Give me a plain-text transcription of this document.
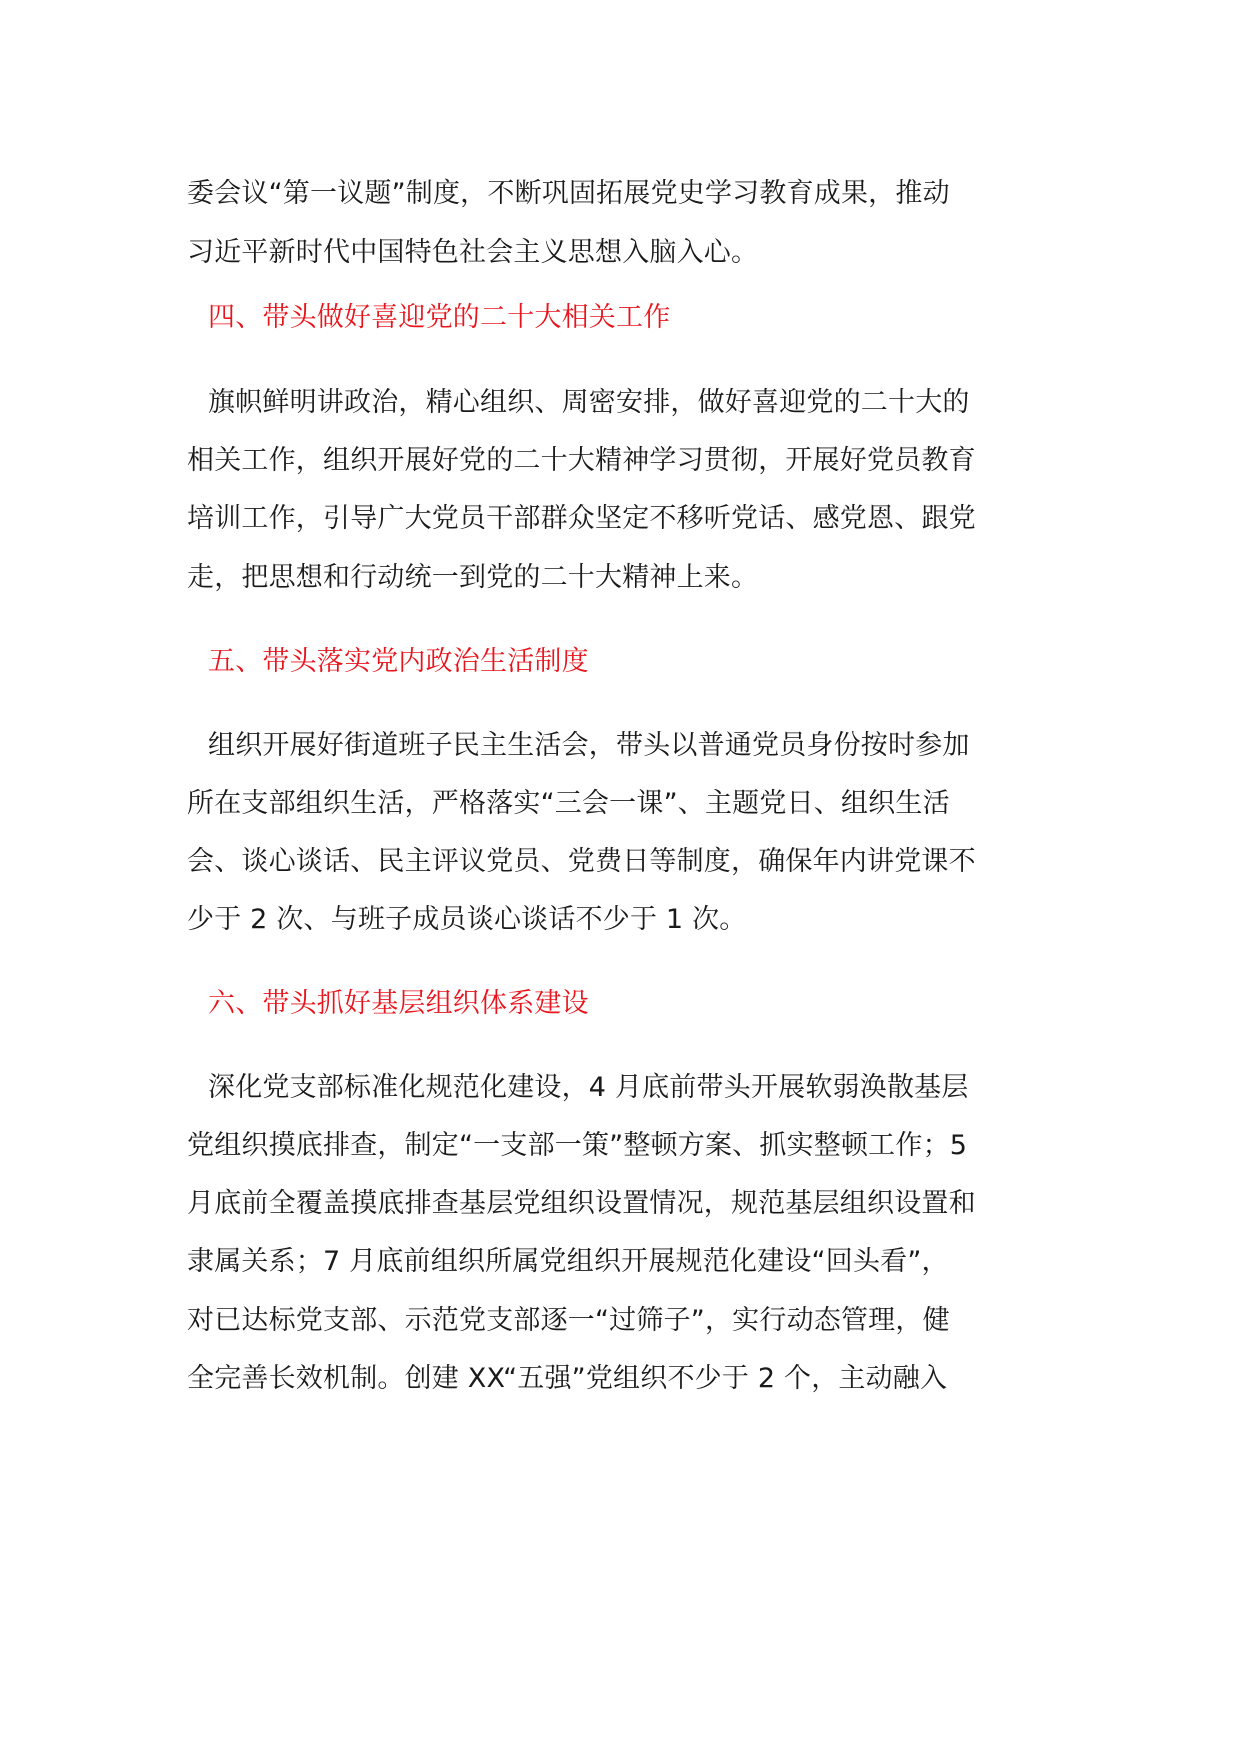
委会议“第一议题”制度，不断巩固拓展党史学习教育成果，推动
习近平新时代中国特色社会主义思想入脑入心。
四、带头做好喜迎党的二十大相关工作
旗帜鲜明讲政治，精心组织、周密安排，做好喜迎党的二十大的
相关工作，组织开展好党的二十大精神学习贯彻，开展好党员教育
培训工作，引导广大党员干部群众坚定不移听党话、感党恩、跟党
走，把思想和行动统一到党的二十大精神上来。
五、带头落实党内政治生活制度
组织开展好街道班子民主生活会，带头以普通党员身份按时参加
所在支部组织生活，严格落实“三会一课”、主题党日、组织生活
会、谈心谈话、民主评议党员、党费日等制度，确保年内讲党课不
少于 2 次、与班子成员谈心谈话不少于 1 次。
六、带头抓好基层组织体系建设
深化党支部标准化规范化建设，4 月底前带头开展软弱涣散基层
党组织摸底排查，制定“一支部一策”整顿方案、抓实整顿工作；5
月底前全覆盖摸底排查基层党组织设置情况，规范基层组织设置和
隶属关系；7 月底前组织所属党组织开展规范化建设“回头看”，
对已达标党支部、示范党支部逐一“过筛子”，实行动态管理，健
全完善长效机制。创建 XX“五强”党组织不少于 2 个，主动融入
